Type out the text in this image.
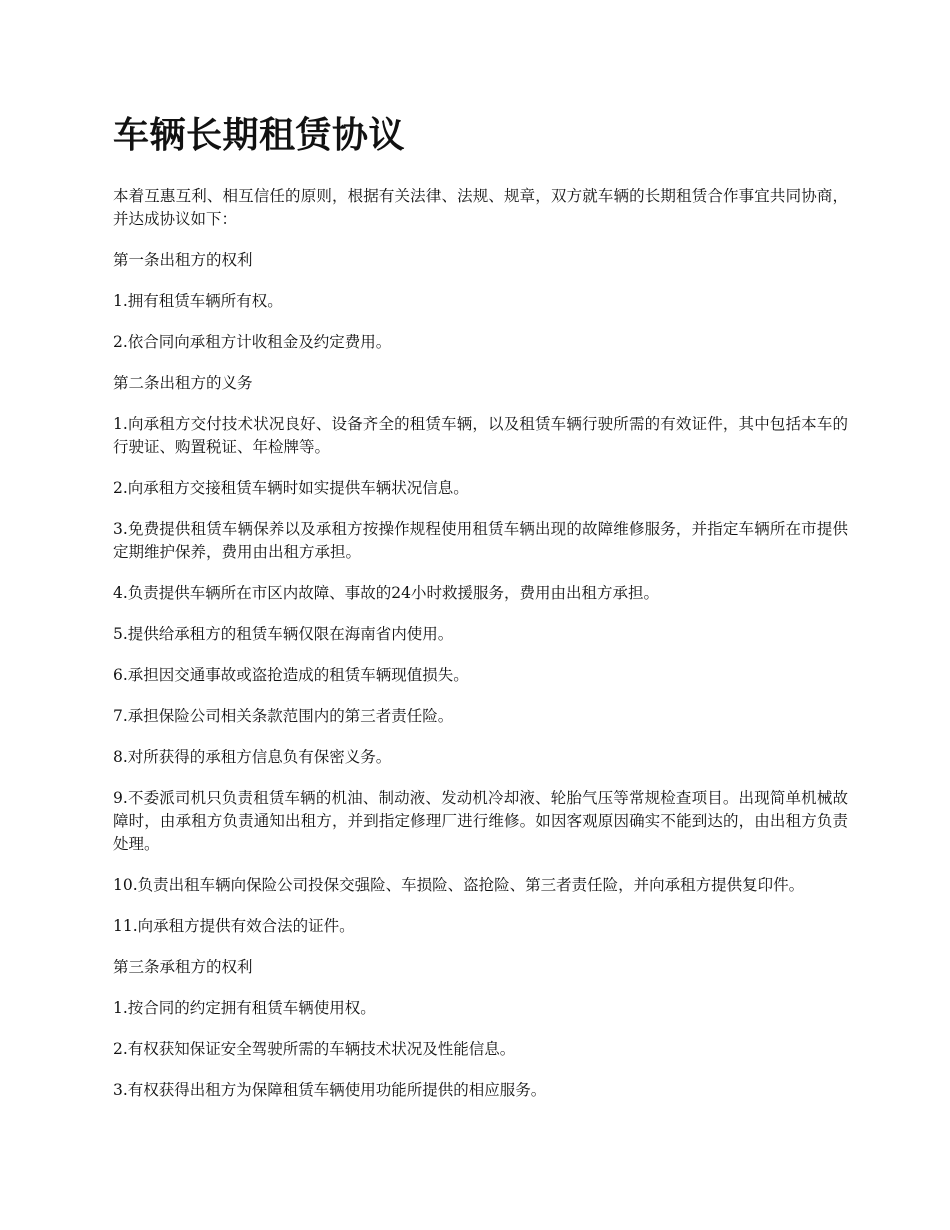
车辆长期租赁协议

本着互惠互利、相互信任的原则，根据有关法律、法规、规章，双方就车辆的长期租赁合作事宜共同协商，并达成协议如下：

第一条出租方的权利

1.拥有租赁车辆所有权。

2.依合同向承租方计收租金及约定费用。

第二条出租方的义务

1.向承租方交付技术状况良好、设备齐全的租赁车辆，以及租赁车辆行驶所需的有效证件，其中包括本车的行驶证、购置税证、年检牌等。

2.向承租方交接租赁车辆时如实提供车辆状况信息。

3.免费提供租赁车辆保养以及承租方按操作规程使用租赁车辆出现的故障维修服务，并指定车辆所在市提供定期维护保养，费用由出租方承担。

4.负责提供车辆所在市区内故障、事故的24小时救援服务，费用由出租方承担。

5.提供给承租方的租赁车辆仅限在海南省内使用。

6.承担因交通事故或盗抢造成的租赁车辆现值损失。

7.承担保险公司相关条款范围内的第三者责任险。

8.对所获得的承租方信息负有保密义务。

9.不委派司机只负责租赁车辆的机油、制动液、发动机冷却液、轮胎气压等常规检查项目。出现简单机械故障时，由承租方负责通知出租方，并到指定修理厂进行维修。如因客观原因确实不能到达的，由出租方负责处理。

10.负责出租车辆向保险公司投保交强险、车损险、盗抢险、第三者责任险，并向承租方提供复印件。

11.向承租方提供有效合法的证件。

第三条承租方的权利

1.按合同的约定拥有租赁车辆使用权。

2.有权获知保证安全驾驶所需的车辆技术状况及性能信息。

3.有权获得出租方为保障租赁车辆使用功能所提供的相应服务。
